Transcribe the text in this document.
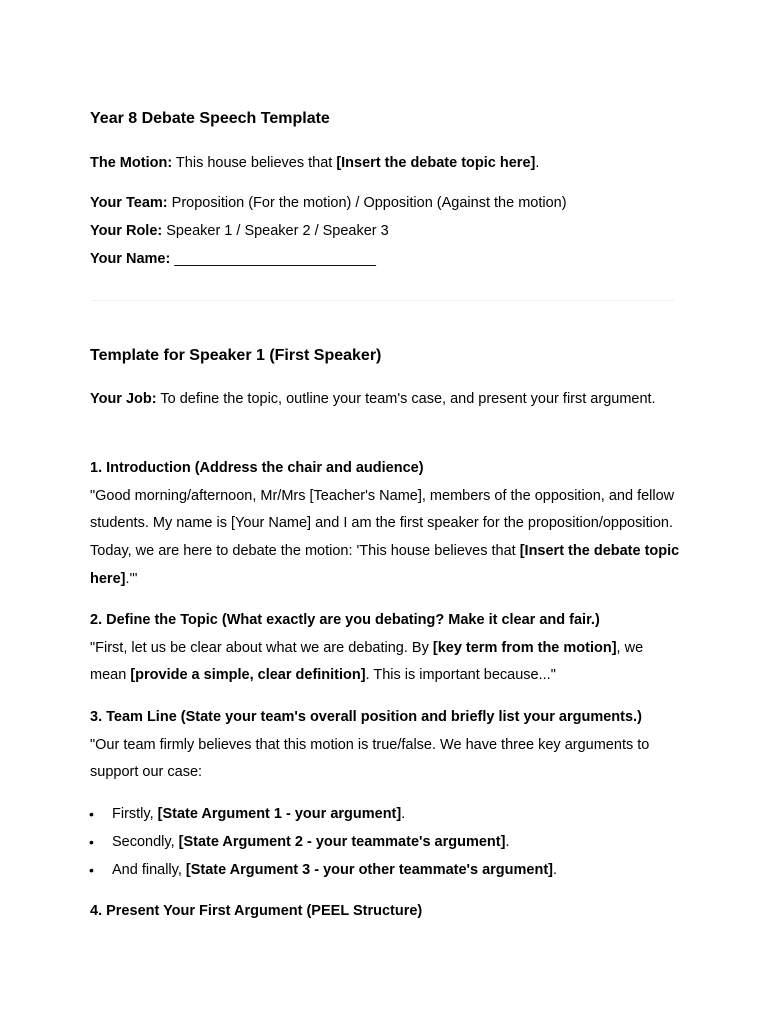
Year 8 Debate Speech Template
The Motion: This house believes that [Insert the debate topic here].
Your Team: Proposition (For the motion) / Opposition (Against the motion)
Your Role: Speaker 1 / Speaker 2 / Speaker 3
Your Name: _________________________
Template for Speaker 1 (First Speaker)
Your Job: To define the topic, outline your team's case, and present your first argument.
1. Introduction (Address the chair and audience)
"Good morning/afternoon, Mr/Mrs [Teacher's Name], members of the opposition, and fellow students. My name is [Your Name] and I am the first speaker for the proposition/opposition. Today, we are here to debate the motion: 'This house believes that [Insert the debate topic here].'"
2. Define the Topic (What exactly are you debating? Make it clear and fair.)
"First, let us be clear about what we are debating. By [key term from the motion], we mean [provide a simple, clear definition]. This is important because..."
3. Team Line (State your team's overall position and briefly list your arguments.)
"Our team firmly believes that this motion is true/false. We have three key arguments to support our case:
• Firstly, [State Argument 1 - your argument].
• Secondly, [State Argument 2 - your teammate's argument].
• And finally, [State Argument 3 - your other teammate's argument].
4. Present Your First Argument (PEEL Structure)
